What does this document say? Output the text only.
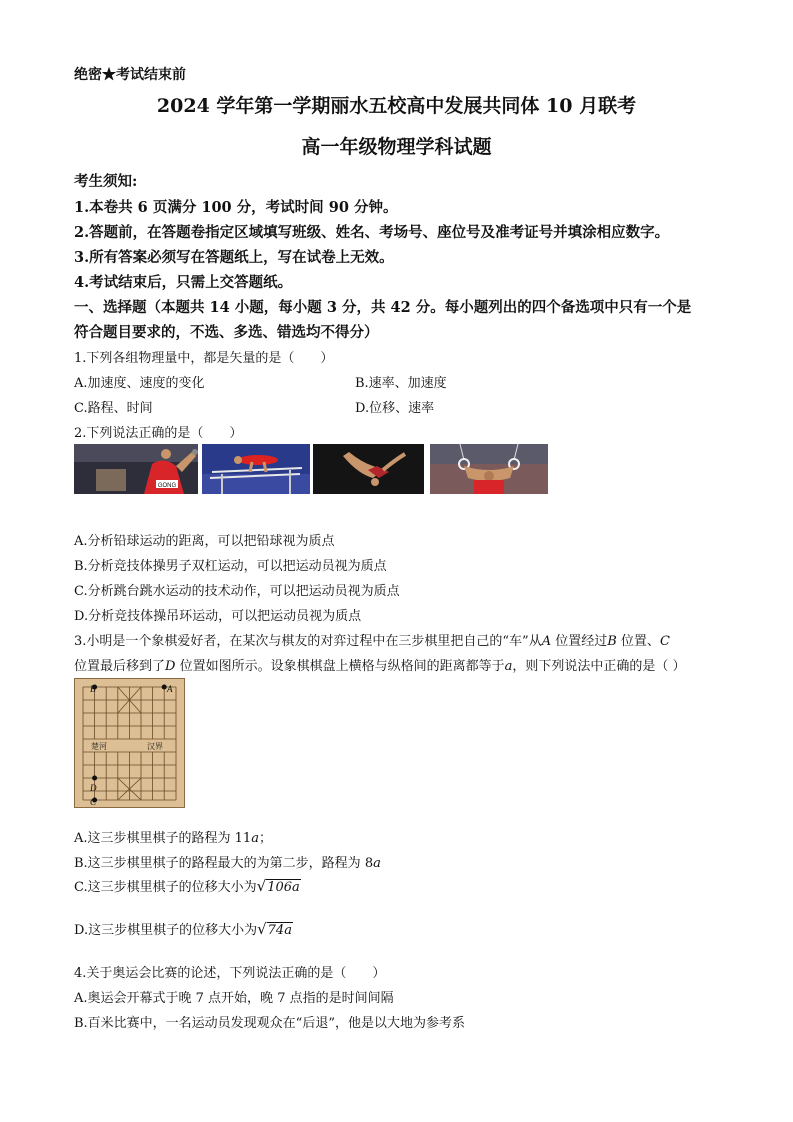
绝密★考试结束前
2024 学年第一学期丽水五校高中发展共同体 10 月联考
高一年级物理学科试题
考生须知:
1.本卷共 6 页满分 100 分，考试时间 90 分钟。
2.答题前，在答题卷指定区域填写班级、姓名、考场号、座位号及准考证号并填涂相应数字。
3.所有答案必须写在答题纸上，写在试卷上无效。
4.考试结束后，只需上交答题纸。
一、选择题（本题共 14 小题，每小题 3 分，共 42 分。每小题列出的四个备选项中只有一个是
符合题目要求的，不选、多选、错选均不得分）
1.下列各组物理量中，都是矢量的是（　　）
A.加速度、速度的变化	B.速率、加速度
C.路程、时间	D.位移、速率
2.下列说法正确的是（　　）
GONG
A.分析铅球运动的距离，可以把铅球视为质点
B.分析竞技体操男子双杠运动，可以把运动员视为质点
C.分析跳台跳水运动的技术动作，可以把运动员视为质点
D.分析竞技体操吊环运动，可以把运动员视为质点
3.小明是一个象棋爱好者，在某次与棋友的对弈过程中在三步棋里把自己的“车”从A 位置经过B 位置、C
位置最后移到了D 位置如图所示。设象棋棋盘上横格与纵格间的距离都等于a，则下列说法中正确的是（ ）
B	A
D
C
楚河	汉界
A.这三步棋里棋子的路程为 11a；
B.这三步棋里棋子的路程最大的为第二步，路程为 8a
C.这三步棋里棋子的位移大小为√106a
D.这三步棋里棋子的位移大小为√74a
4.关于奥运会比赛的论述，下列说法正确的是（　　）
A.奥运会开幕式于晚 7 点开始，晚 7 点指的是时间间隔
B.百米比赛中，一名运动员发现观众在“后退”，他是以大地为参考系
